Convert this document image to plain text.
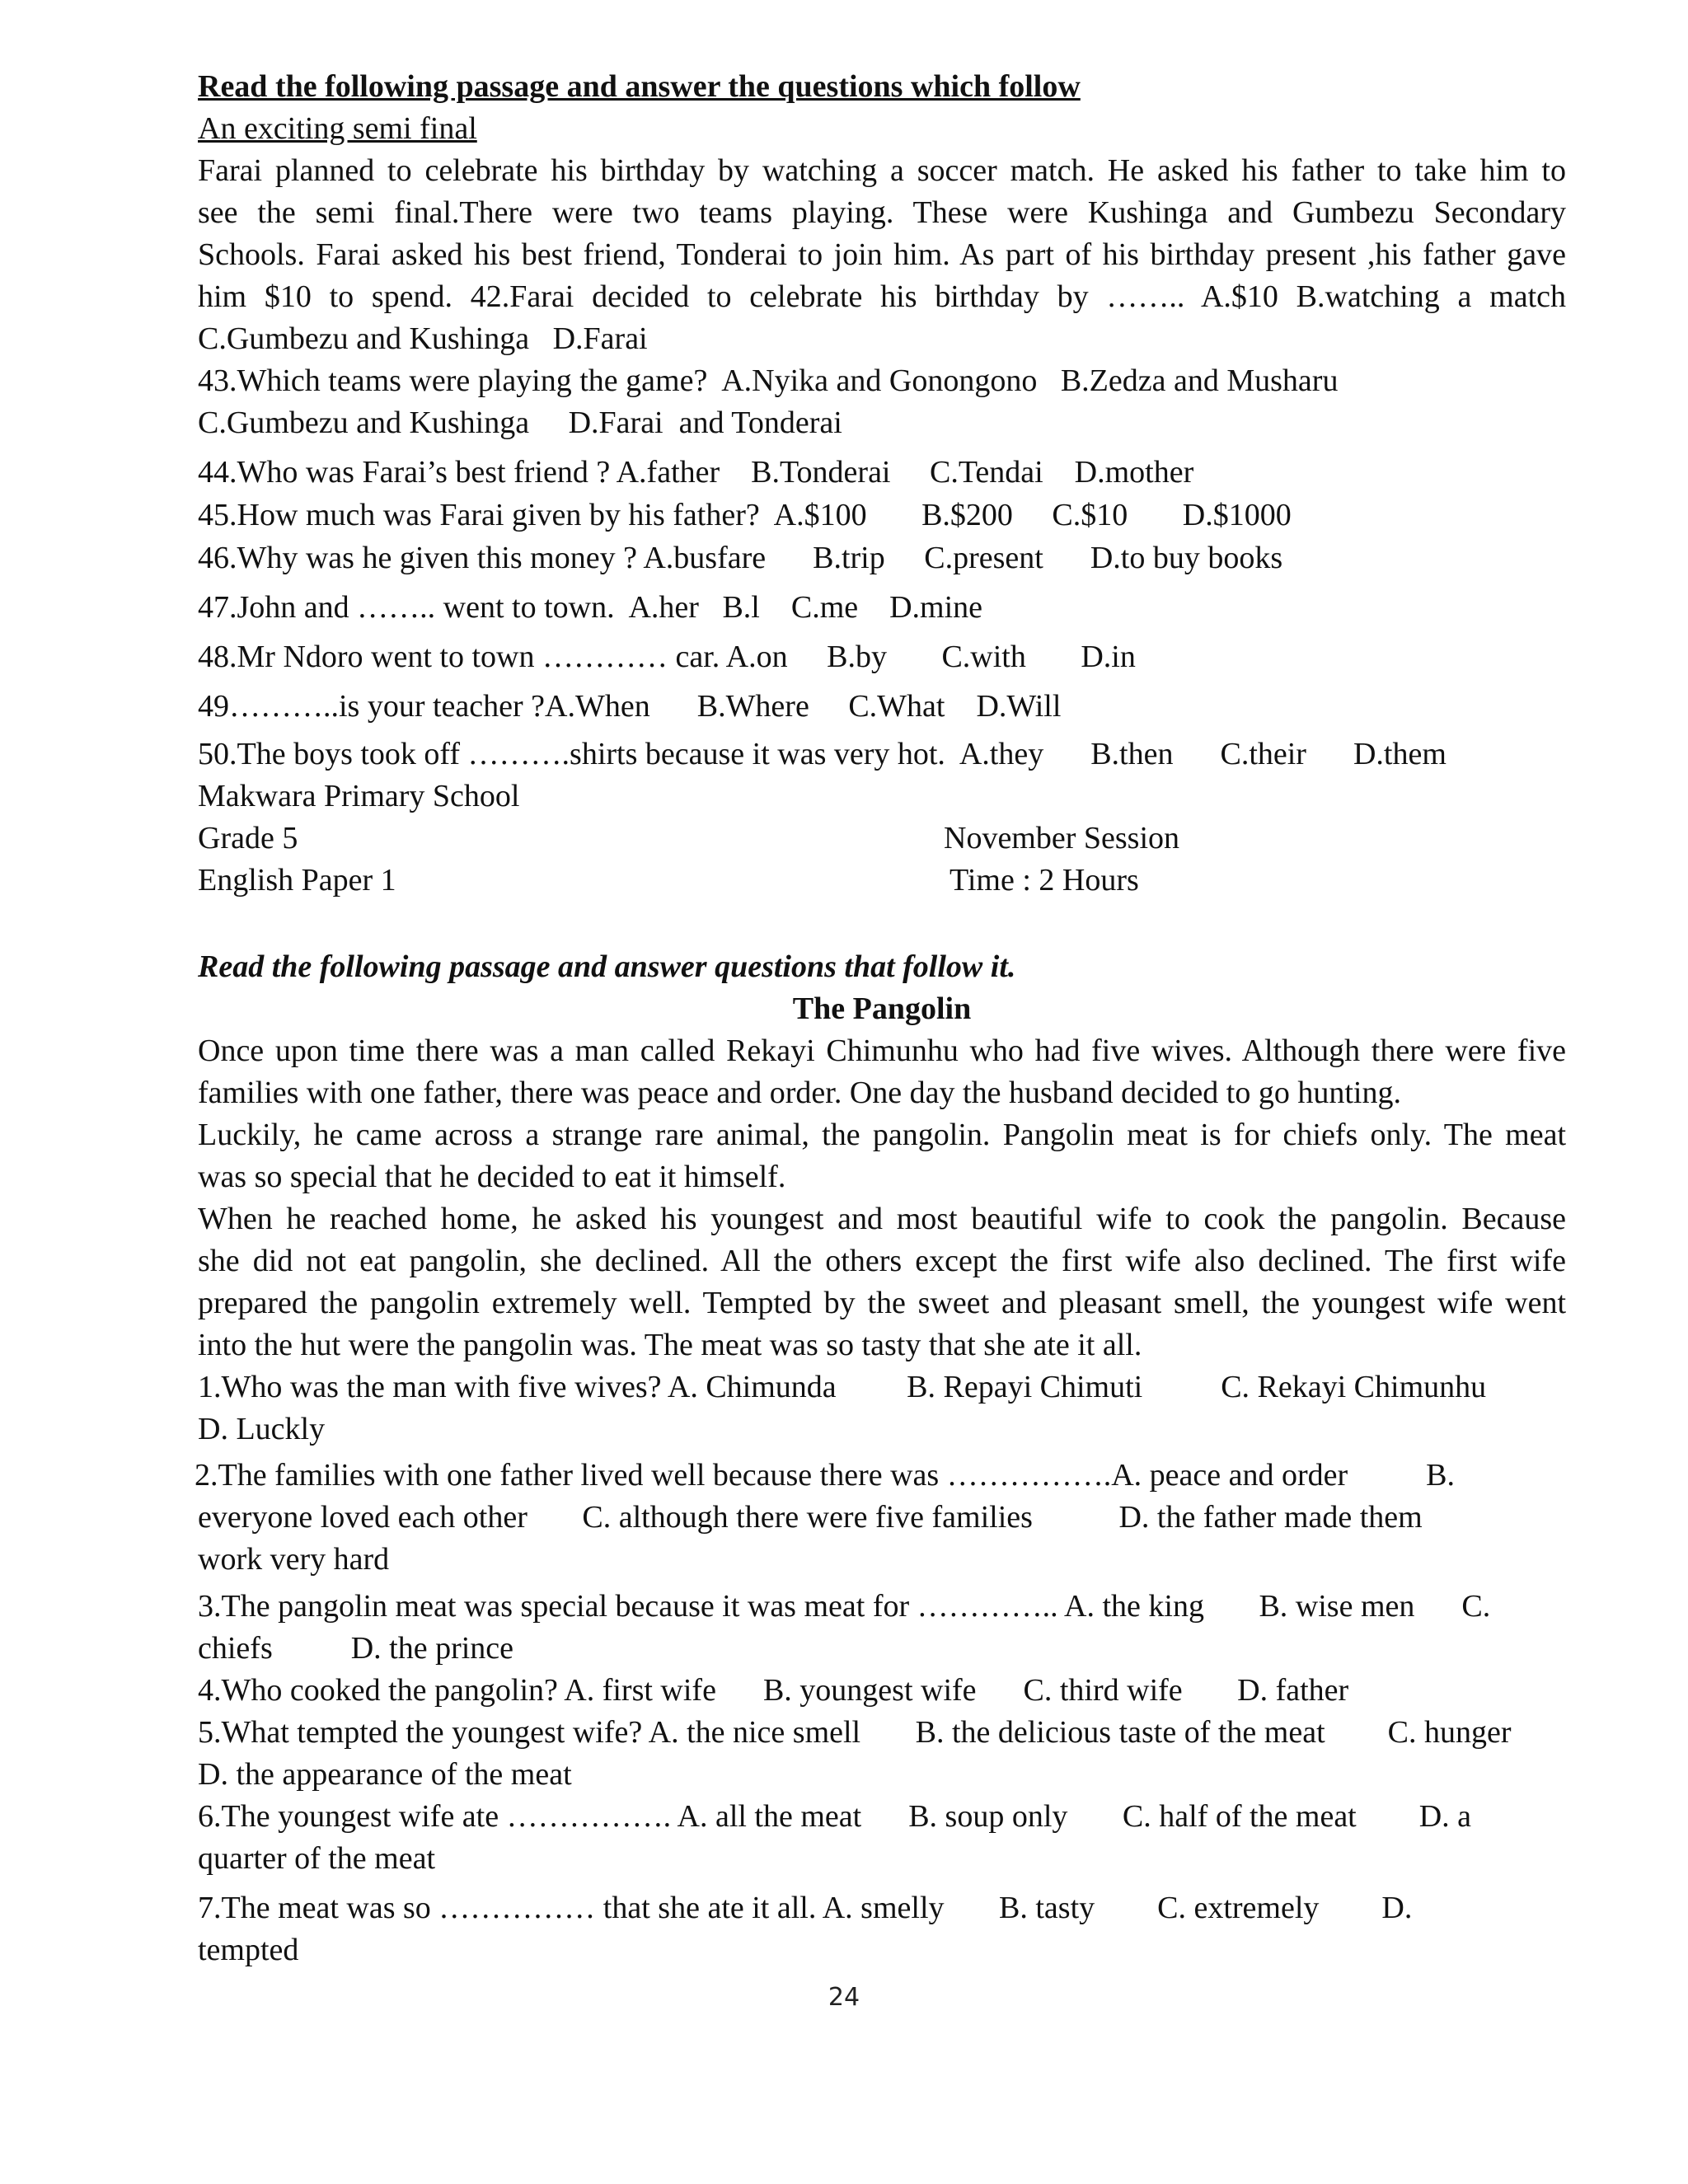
Read the following passage and answer the questions which follow
An exciting semi final
Farai planned to celebrate his birthday by watching a soccer match. He asked his father to take him to
see the semi final.There were two teams playing. These were Kushinga and Gumbezu Secondary
Schools. Farai asked his best friend, Tonderai to join him. As part of his birthday present ,his father gave
him $10 to spend. 42.Farai decided to celebrate his birthday by …….. A.$10 B.watching a match
C.Gumbezu and Kushinga   D.Farai
43.Which teams were playing the game?  A.Nyika and Gonongono   B.Zedza and Musharu
C.Gumbezu and Kushinga     D.Farai  and Tonderai
44.Who was Farai’s best friend ? A.father    B.Tonderai     C.Tendai    D.mother
45.How much was Farai given by his father?  A.$100       B.$200     C.$10       D.$1000
46.Why was he given this money ? A.busfare      B.trip     C.present      D.to buy books
47.John and …….. went to town.  A.her   B.l    C.me    D.mine
48.Mr Ndoro went to town ………… car. A.on     B.by       C.with       D.in
49………..is your teacher ?A.When      B.Where     C.What    D.Will
50.The boys took off ……….shirts because it was very hot.  A.they      B.then      C.their      D.them
Makwara Primary School
Grade 5	November Session
English Paper 1	Time : 2 Hours
Read the following passage and answer questions that follow it.
The Pangolin
Once upon time there was a man called Rekayi Chimunhu who had five wives. Although there were five
families with one father, there was peace and order. One day the husband decided to go hunting.
Luckily, he came across a strange rare animal, the pangolin. Pangolin meat is for chiefs only. The meat
was so special that he decided to eat it himself.
When he reached home, he asked his youngest and most beautiful wife to cook the pangolin. Because
she did not eat pangolin, she declined. All the others except the first wife also declined. The first wife
prepared the pangolin extremely well. Tempted by the sweet and pleasant smell, the youngest wife went
into the hut were the pangolin was. The meat was so tasty that she ate it all.
1.Who was the man with five wives? A. Chimunda         B. Repayi Chimuti          C. Rekayi Chimunhu
D. Luckly
2.The families with one father lived well because there was …………….A. peace and order          B.
everyone loved each other       C. although there were five families           D. the father made them
work very hard
3.The pangolin meat was special because it was meat for ………….. A. the king       B. wise men      C.
chiefs          D. the prince
4.Who cooked the pangolin? A. first wife      B. youngest wife      C. third wife       D. father
5.What tempted the youngest wife? A. the nice smell       B. the delicious taste of the meat        C. hunger
D. the appearance of the meat
6.The youngest wife ate ……………. A. all the meat      B. soup only       C. half of the meat        D. a
quarter of the meat
7.The meat was so …………… that she ate it all. A. smelly       B. tasty        C. extremely        D.
tempted
24
